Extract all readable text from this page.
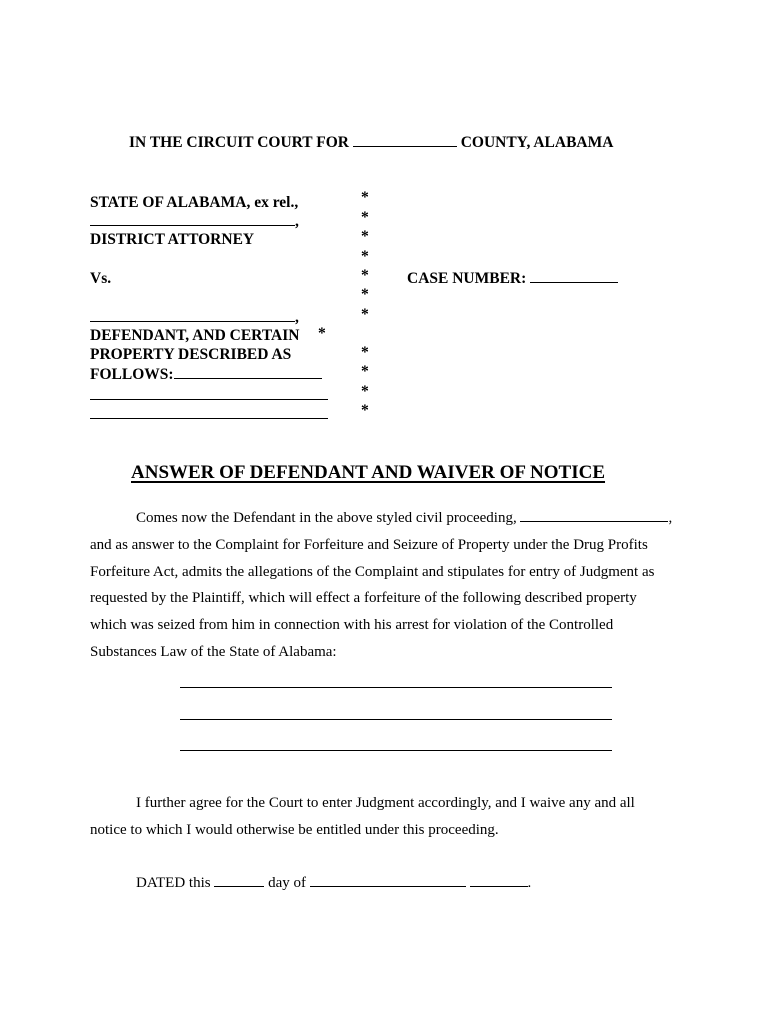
IN THE CIRCUIT COURT FOR	COUNTY, ALABAMA
STATE OF ALABAMA, ex rel.,
,
DISTRICT ATTORNEY
Vs.
,
DEFENDANT, AND CERTAIN
PROPERTY DESCRIBED AS
FOLLOWS:
*
*
*
*
*
*
*
*
*
*
*
*
CASE NUMBER:
ANSWER OF DEFENDANT AND WAIVER OF NOTICE
Comes now the Defendant in the above styled civil proceeding,	,
and as answer to the Complaint for Forfeiture and Seizure of Property under the Drug Profits
Forfeiture Act, admits the allegations of the Complaint and stipulates for entry of Judgment as
requested by the Plaintiff, which will effect a forfeiture of the following described property
which was seized from him in connection with his arrest for violation of the Controlled
Substances Law of the State of Alabama:
I further agree for the Court to enter Judgment accordingly, and I waive any and all
notice to which I would otherwise be entitled under this proceeding.
DATED this	day of	.
